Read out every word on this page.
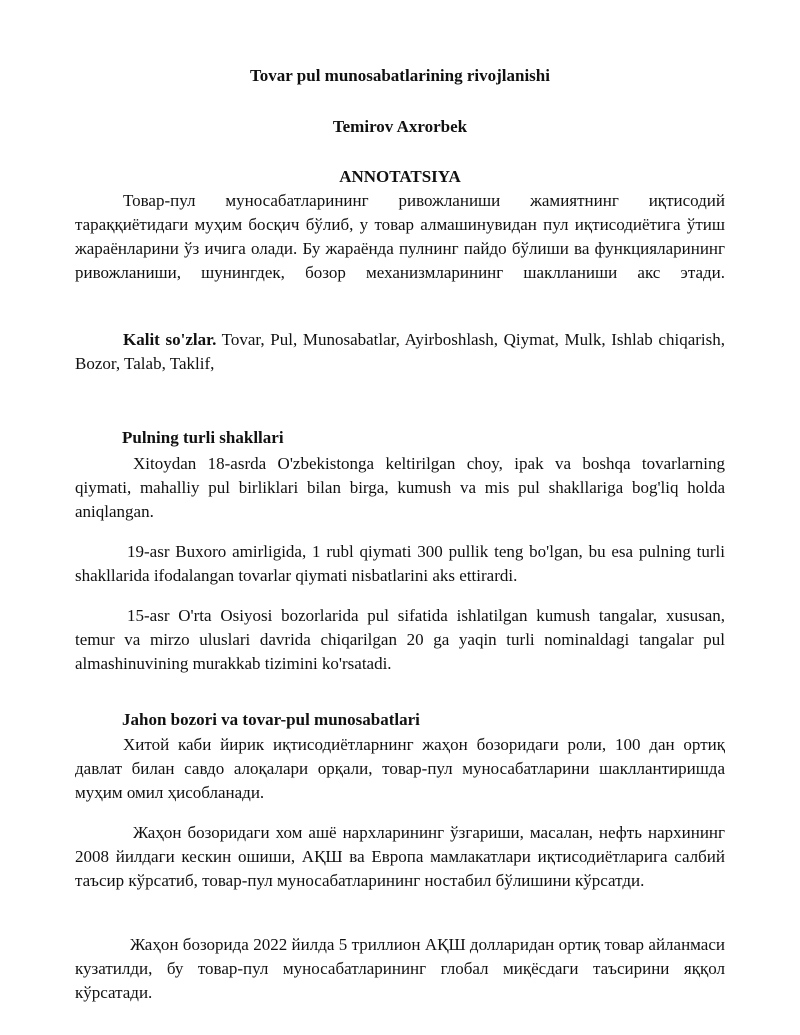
Tovar pul munosabatlarining rivojlanishi
Temirov Axrorbek
ANNOTATSIYA

Товар-пул муносабатларининг ривожланиши жамиятнинг иқтисодий тараққиётидаги муҳим босқич бўлиб, у товар алмашинувидан пул иқтисодиётига ўтиш жараёнларини ўз ичига олади. Бу жараёнда пулнинг пайдо бўлиши ва функцияларининг ривожланиши, шунингдек, бозор механизмларининг шаклланиши акс этади.

Kalit so'zlar. Tovar, Pul, Munosabatlar, Ayirboshlash, Qiymat, Mulk, Ishlab chiqarish, Bozor, Talab, Taklif,

Pulning turli shakllari

Xitoydan 18-asrda O'zbekistonga keltirilgan choy, ipak va boshqa tovarlarning qiymati, mahalliy pul birliklari bilan birga, kumush va mis pul shakllariga bog'liq holda aniqlangan.

19-asr Buxoro amirligida, 1 rubl qiymati 300 pullik teng bo'lgan, bu esa pulning turli shakllarida ifodalangan tovarlar qiymati nisbatlarini aks ettirardi.

15-asr O'rta Osiyosi bozorlarida pul sifatida ishlatilgan kumush tangalar, xususan, temur va mirzo uluslari davrida chiqarilgan 20 ga yaqin turli nominaldagi tangalar pul almashinuvining murakkab tizimini ko'rsatadi.

Jahon bozori va tovar-pul munosabatlari

Хитой каби йирик иқтисодиётларнинг жаҳон бозоридаги роли, 100 дан ортиқ давлат билан савдо алоқалари орқали, товар-пул муносабатларини шакллантиришда муҳим омил ҳисобланади.

Жаҳон бозоридаги хом ашё нархларининг ўзгариши, масалан, нефть нархининг 2008 йилдаги кескин ошиши, АҚШ ва Европа мамлакатлари иқтисодиётларига салбий таъсир кўрсатиб, товар-пул муносабатларининг ностабил бўлишини кўрсатди.

Жаҳон бозорида 2022 йилда 5 триллион АҚШ долларидан ортиқ товар айланмаси кузатилди, бу товар-пул муносабатларининг глобал миқёсдаги таъсирини яққол кўрсатади.
